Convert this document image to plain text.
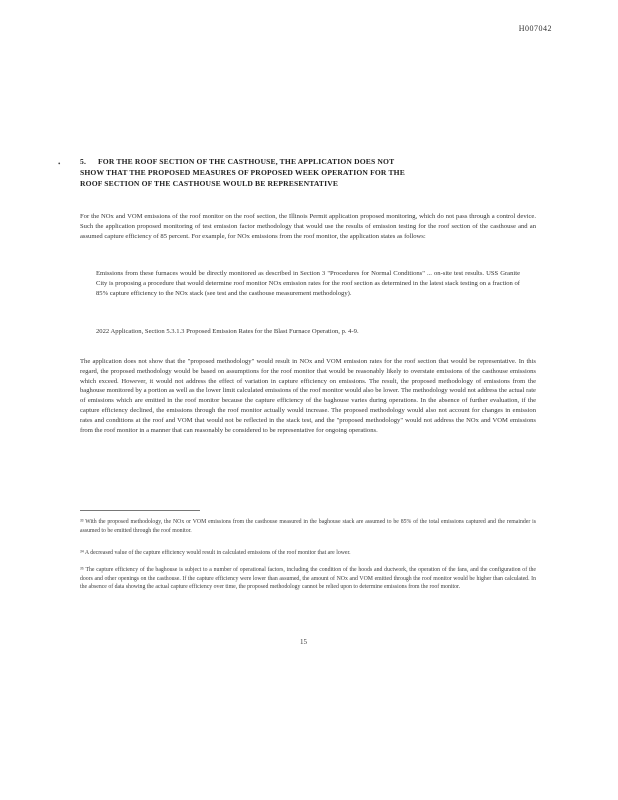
H007042
•	5. FOR THE ROOF SECTION OF THE CASTHOUSE, THE APPLICATION DOES NOT SHOW THAT THE PROPOSED MEASURES OF PROPOSED WEEK OPERATION FOR THE ROOF SECTION OF THE CASTHOUSE WOULD BE REPRESENTATIVE
For the NOx and VOM emissions of the roof monitor on the roof section, the Illinois Permit application proposed monitoring, which do not pass through a control device. Such the application proposed monitoring of test emission factor methodology that would use the results of emission testing for the roof section of the casthouse and an assumed capture efficiency of 85 percent. For example, for NOx emissions from the roof monitor, the application states as follows:
Emissions from these furnaces would be directly monitored as described in Section 3 "Procedures for Normal Conditions" ... on-site test results. USS Granite City is proposing a procedure that would determine roof monitor NOx emission rates for the roof section as determined in the latest stack testing on a fraction of 85% capture efficiency to the NOx stack (see test and the casthouse measurement methodology).
2022 Application, Section 5.3.1.3 Proposed Emission Rates for the Blast Furnace Operation, p. 4-9.
The application does not show that the "proposed methodology" would result in NOx and VOM emission rates for the roof section that would be representative. In this regard, the proposed methodology would be based on assumptions for the roof monitor that would be reasonably likely to overstate emissions of the casthouse emissions which exceed. However, it would not address the effect of variation in capture efficiency on emissions. The result, the proposed methodology of emissions from the baghouse monitored by a portion as well as the lower limit calculated emissions of the roof monitor would also be lower. The methodology would not address the actual rate of emissions which are emitted in the roof monitor because the capture efficiency of the baghouse varies during operations. In the absence of further evaluation, if the capture efficiency declined, the emissions through the roof monitor actually would increase. The proposed methodology would also not account for changes in emission rates and conditions at the roof and VOM that would not be reflected in the stack test, and the "proposed methodology" would not address the NOx and VOM emissions from the roof monitor in a manner that can reasonably be considered to be representative for ongoing operations.
³³ With the proposed methodology, the NOx or VOM emissions from the casthouse measured in the baghouse stack are assumed to be 85% of the total emissions captured and the remainder is assumed to be emitted through the roof monitor.
³⁴ A decreased value of the capture efficiency would result in calculated emissions of the roof monitor that are lower.
³⁵ The capture efficiency of the baghouse is subject to a number of operational factors, including the condition of the hoods and ductwork, the operation of the fans, and the configuration of the doors and other openings on the casthouse. If the capture efficiency were lower than assumed, the amount of NOx and VOM emitted through the roof monitor would be higher than calculated. In the absence of data showing the actual capture efficiency over time, the proposed methodology cannot be relied upon to determine emissions from the roof monitor.
15
